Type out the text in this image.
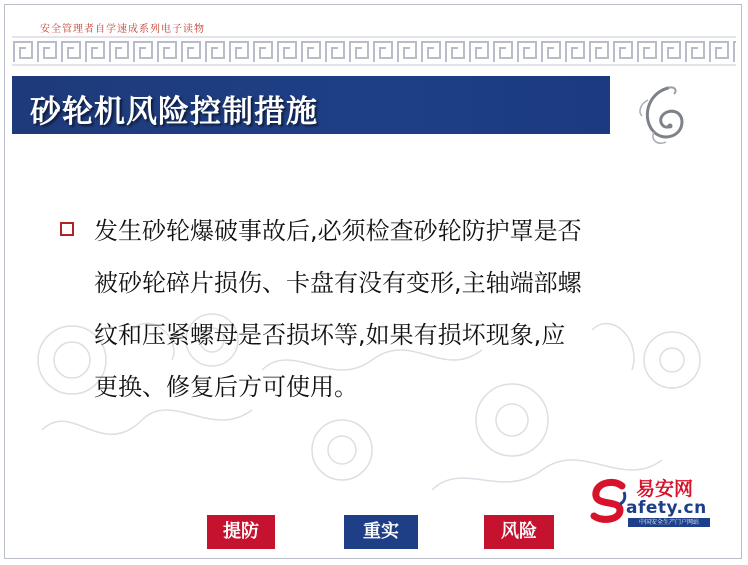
安全管理者自学速成系列电子读物
砂轮机风险控制措施
发生砂轮爆破事故后,必须检查砂轮防护罩是否
被砂轮碎片损伤、卡盘有没有变形,主轴端部螺
纹和压紧螺母是否损坏等,如果有损坏现象,应
更换、修复后方可使用。
提防	重实	风险
易安网
afety.cn
中国安全生产门户网站
